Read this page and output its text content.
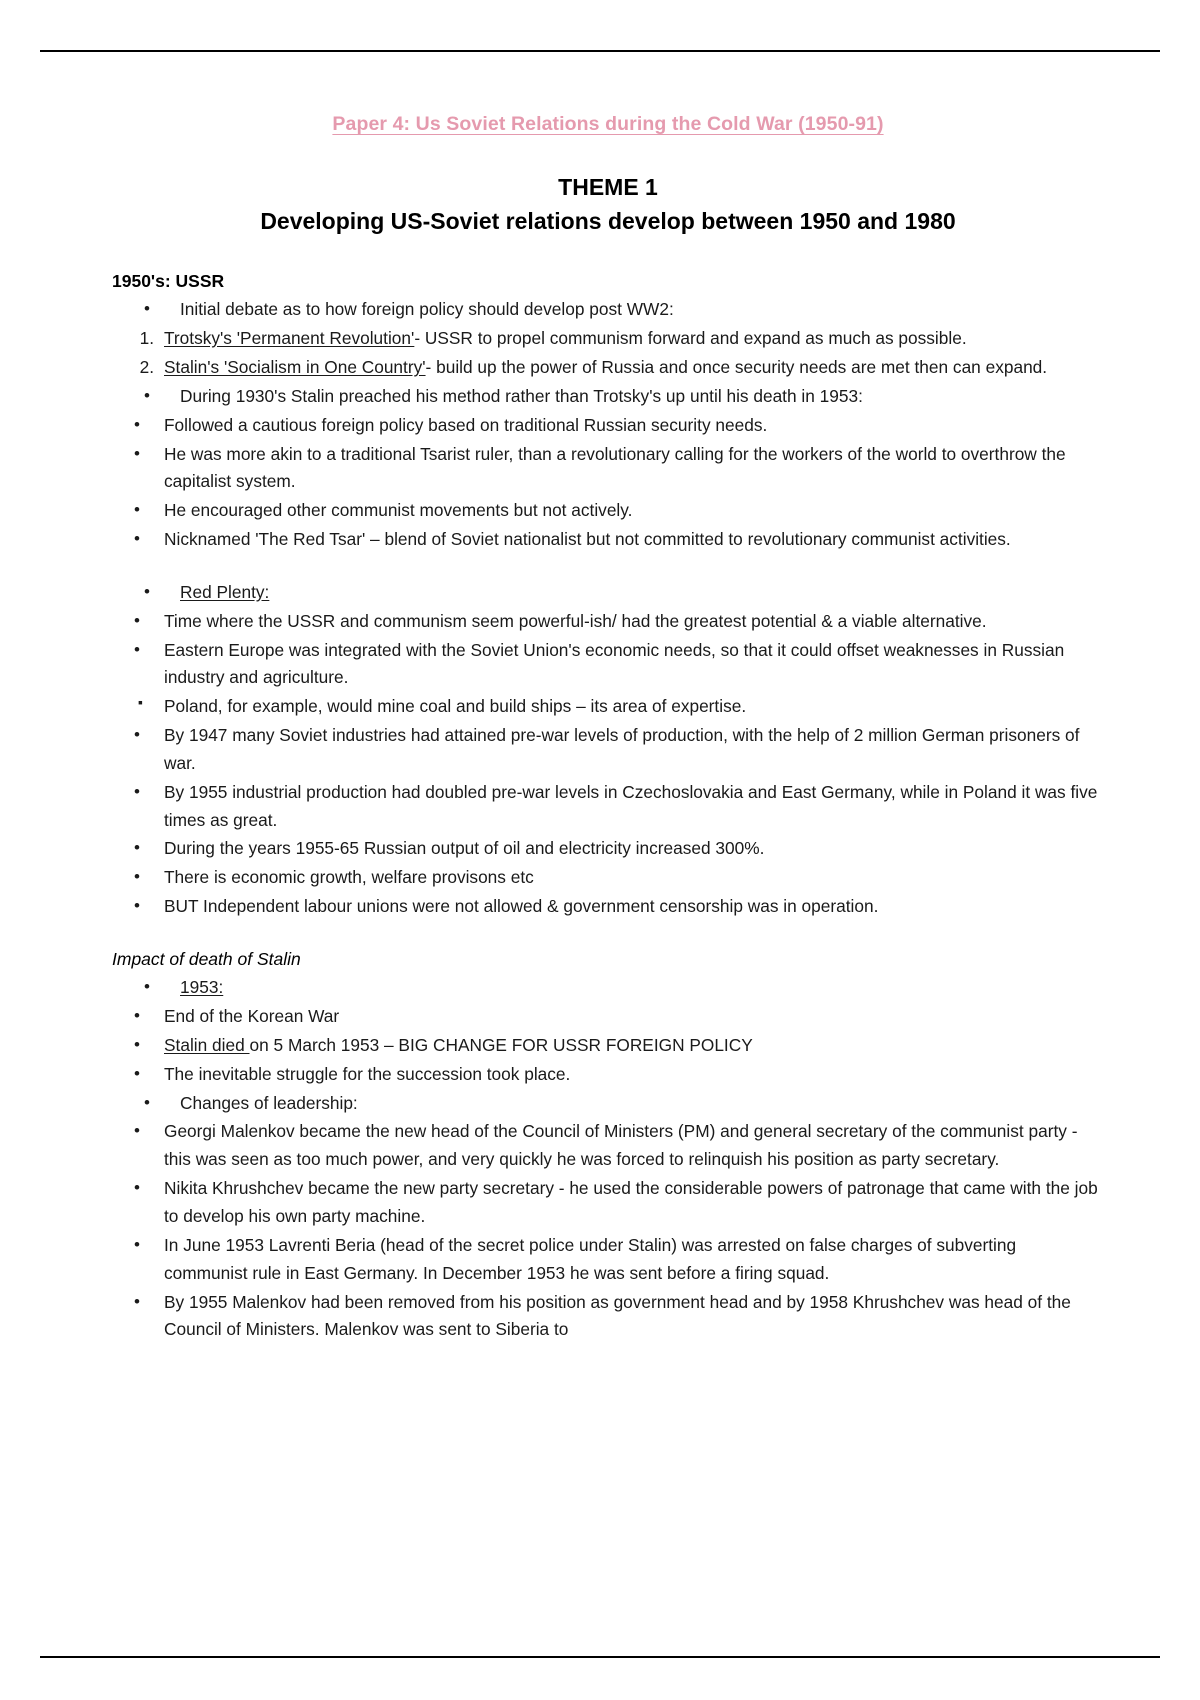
Paper 4: Us Soviet Relations during the Cold War (1950-91)
THEME 1
Developing US-Soviet relations develop between 1950 and 1980
1950's: USSR
Initial debate as to how foreign policy should develop post WW2:
1. Trotsky's 'Permanent Revolution'- USSR to propel communism forward and expand as much as possible.
2. Stalin's 'Socialism in One Country'- build up the power of Russia and once security needs are met then can expand.
During 1930's Stalin preached his method rather than Trotsky's up until his death in 1953:
Followed a cautious foreign policy based on traditional Russian security needs.
He was more akin to a traditional Tsarist ruler, than a revolutionary calling for the workers of the world to overthrow the capitalist system.
He encouraged other communist movements but not actively.
Nicknamed 'The Red Tsar' – blend of Soviet nationalist but not committed to revolutionary communist activities.
Red Plenty:
Time where the USSR and communism seem powerful-ish/ had the greatest potential & a viable alternative.
Eastern Europe was integrated with the Soviet Union's economic needs, so that it could offset weaknesses in Russian industry and agriculture.
Poland, for example, would mine coal and build ships – its area of expertise.
By 1947 many Soviet industries had attained pre-war levels of production, with the help of 2 million German prisoners of war.
By 1955 industrial production had doubled pre-war levels in Czechoslovakia and East Germany, while in Poland it was five times as great.
During the years 1955-65 Russian output of oil and electricity increased 300%.
There is economic growth, welfare provisons etc
BUT Independent labour unions were not allowed & government censorship was in operation.
Impact of death of Stalin
1953:
End of the Korean War
Stalin died on 5 March 1953 – BIG CHANGE FOR USSR FOREIGN POLICY
The inevitable struggle for the succession took place.
Changes of leadership:
Georgi Malenkov became the new head of the Council of Ministers (PM) and general secretary of the communist party - this was seen as too much power, and very quickly he was forced to relinquish his position as party secretary.
Nikita Khrushchev became the new party secretary - he used the considerable powers of patronage that came with the job to develop his own party machine.
In June 1953 Lavrenti Beria (head of the secret police under Stalin) was arrested on false charges of subverting communist rule in East Germany. In December 1953 he was sent before a firing squad.
By 1955 Malenkov had been removed from his position as government head and by 1958 Khrushchev was head of the Council of Ministers. Malenkov was sent to Siberia to
